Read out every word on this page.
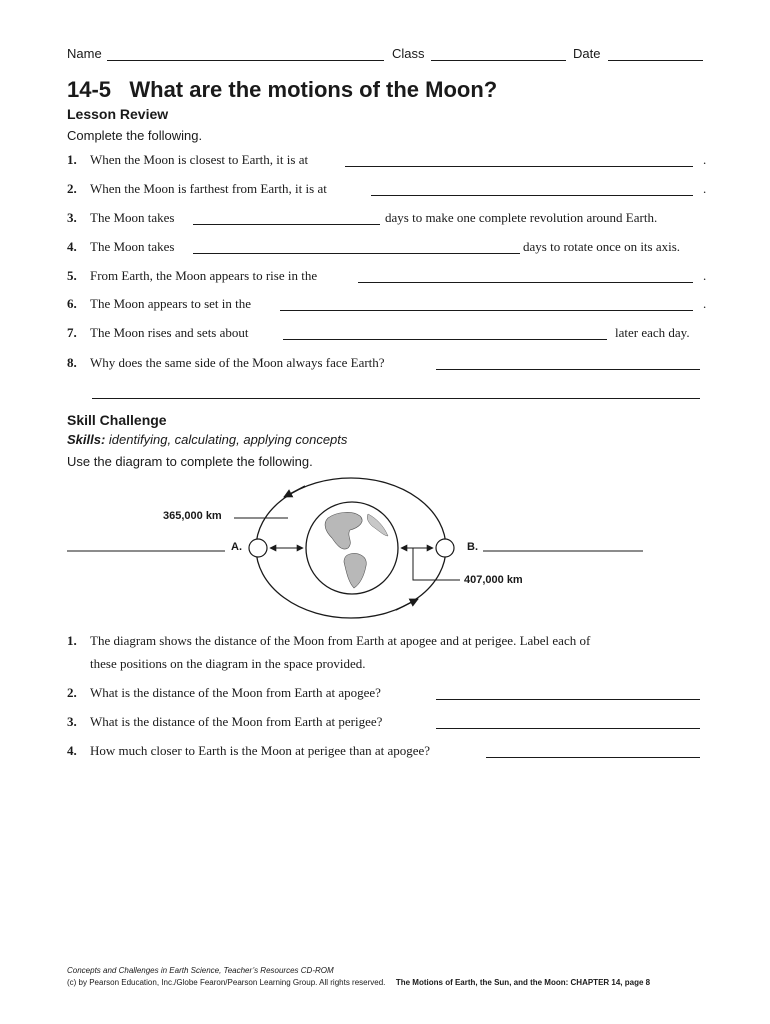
Name	Class	Date
14-5   What are the motions of the Moon?
Lesson Review
Complete the following.
1. When the Moon is closest to Earth, it is at	.
2. When the Moon is farthest from Earth, it is at	.
3. The Moon takes	days to make one complete revolution around Earth.
4. The Moon takes	days to rotate once on its axis.
5. From Earth, the Moon appears to rise in the	.
6. The Moon appears to set in the	.
7. The Moon rises and sets about	later each day.
8. Why does the same side of the Moon always face Earth?
Skill Challenge
Skills: identifying, calculating, applying concepts
Use the diagram to complete the following.
365,000 km
407,000 km
A.	B.
1. The diagram shows the distance of the Moon from Earth at apogee and at perigee. Label each of
these positions on the diagram in the space provided.
2. What is the distance of the Moon from Earth at apogee?
3. What is the distance of the Moon from Earth at perigee?
4. How much closer to Earth is the Moon at perigee than at apogee?
Concepts and Challenges in Earth Science, Teacher’s Resources CD-ROM
(c) by Pearson Education, Inc./Globe Fearon/Pearson Learning Group. All rights reserved. The Motions of Earth, the Sun, and the Moon: CHAPTER 14, page 8
